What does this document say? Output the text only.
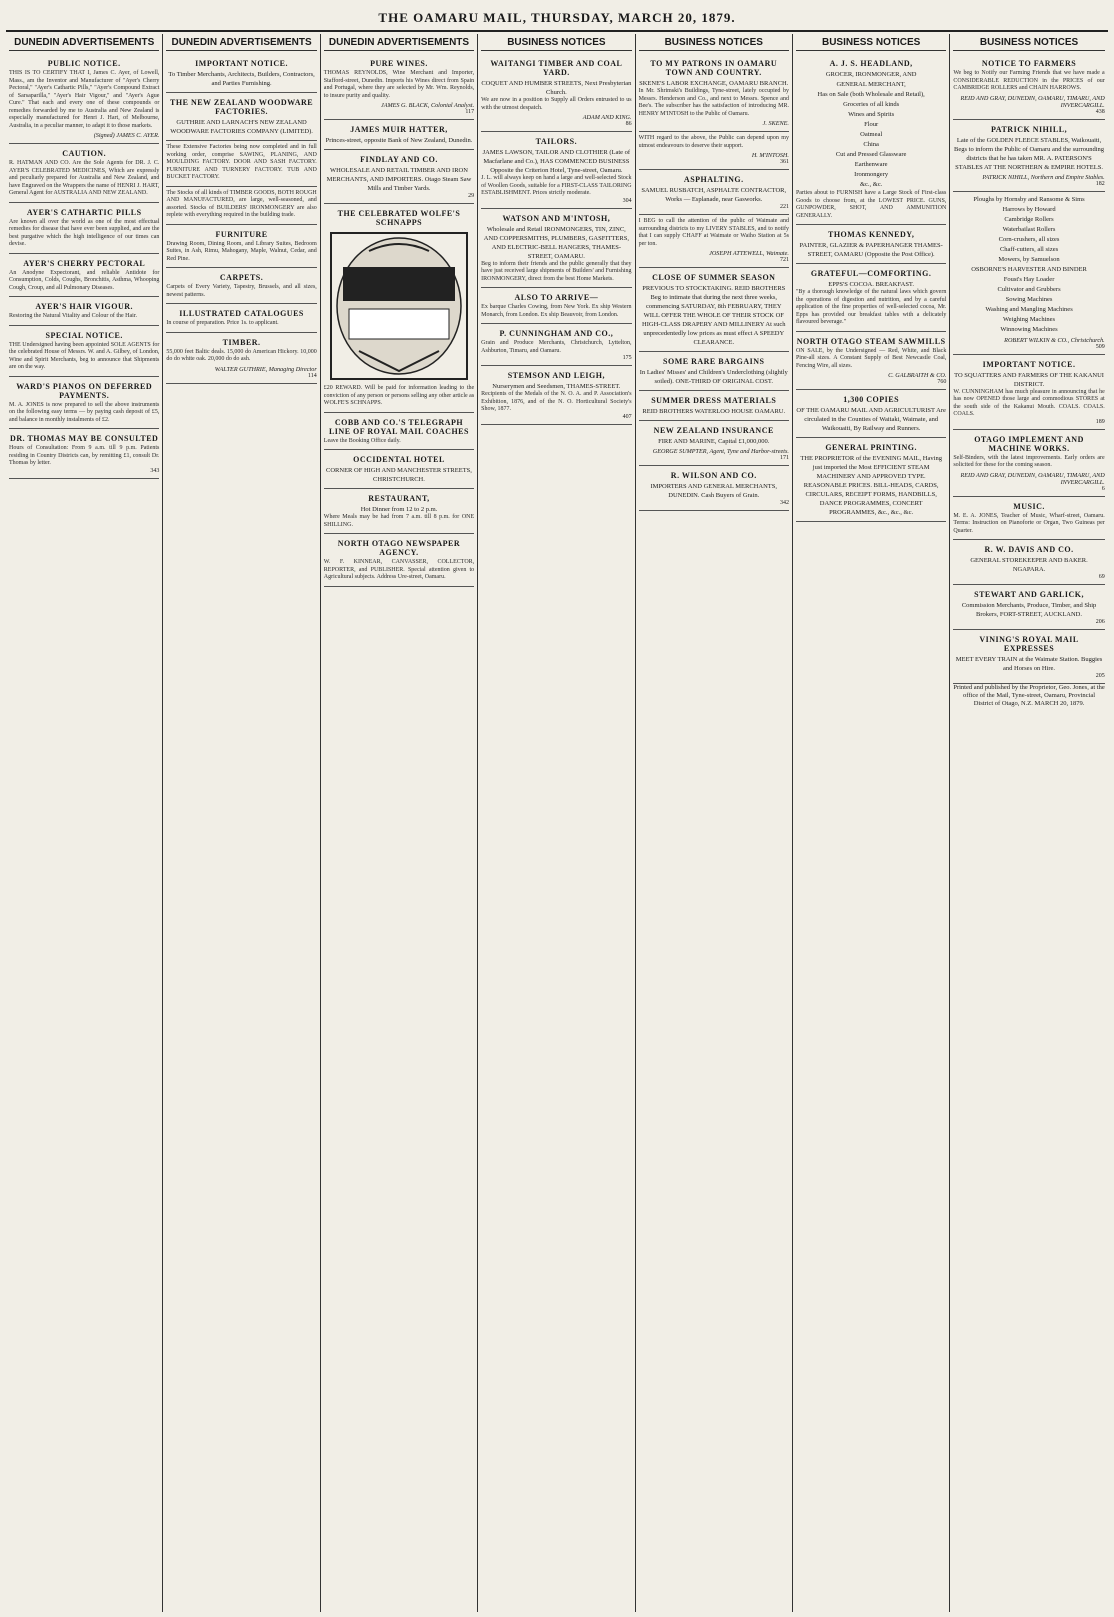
THE OAMARU MAIL, THURSDAY, MARCH 20, 1879.
DUNEDIN ADVERTISEMENTS
PUBLIC NOTICE.
THIS IS TO CERTIFY THAT I, James C. Ayer, of Lowell, Mass., am the Inventor and Manufacturer of "Ayer's Cherry Pectoral," "Ayer's Cathartic Pills," "Ayer's Compound Extract of Sarsaparilla," "Ayer's Hair Vigour," and "Ayer's Ague Cure." That each and every one of these compounds or remedies forwarded by me to Australia and New Zealand is especially manufactured for Henri J. Hart, of Melbourne, Australia, in a peculiar manner, to adapt it to those markets.
(Signed) JAMES C. AYER.
CAUTION.
R. HATMAN AND CO. Are the Sole Agents for DR. J. C. AYER'S CELEBRATED MEDICINES, Which are expressly and peculiarly prepared for Australia and New Zealand, and have Engraved on the Wrappers the name of HENRI J. HART, General Agent for AUSTRALIA AND NEW ZEALAND.
AYER'S CATHARTIC PILLS
Are known all over the world as one of the most effectual remedies for disease that have ever been supplied, and are the best purgative which the high intelligence of our times can devise.
AYER'S CHERRY PECTORAL
An Anodyne Expectorant, and reliable Antidote for Consumption, Colds, Coughs, Bronchitis, Asthma, Whooping Cough, Croup, and all Pulmonary Diseases.
AYER'S HAIR VIGOUR.
Restoring the Natural Vitality and Colour of the Hair.
SPECIAL NOTICE.
THE Undersigned having been appointed SOLE AGENTS for the celebrated House of Messrs. W. and A. Gilbey, of London, Wine and Spirit Merchants, beg to announce that Shipments are on the way.
WARD'S PIANOS ON DEFERRED PAYMENTS.
M. A. JONES is now prepared to sell the above instruments on the following easy terms — by paying cash deposit of £5, and balance in monthly instalments of £2.
DR. THOMAS MAY BE CONSULTED
Hours of Consultation: From 9 a.m. till 9 p.m. Patients residing in Country Districts can, by remitting £1, consult Dr. Thomas by letter.
343
DUNEDIN ADVERTISEMENTS
IMPORTANT NOTICE.
To Timber Merchants, Architects, Builders, Contractors, and Parties Furnishing.
THE NEW ZEALAND WOODWARE FACTORIES.
GUTHRIE AND LARNACH'S NEW ZEALAND WOODWARE FACTORIES COMPANY (LIMITED).
These Extensive Factories being now completed and in full working order, comprise SAWING, PLANING, AND MOULDING FACTORY. DOOR AND SASH FACTORY. FURNITURE AND TURNERY FACTORY. TUB AND BUCKET FACTORY.
The Stocks of all kinds of TIMBER GOODS, BOTH ROUGH AND MANUFACTURED, are large, well-seasoned, and assorted. Stocks of BUILDERS' IRONMONGERY are also replete with everything required in the building trade.
FURNITURE
Drawing Room, Dining Room, and Library Suites, Bedroom Suites, in Ash, Rimu, Mahogany, Maple, Walnut, Cedar, and Red Pine.
CARPETS.
Carpets of Every Variety, Tapestry, Brussels, and all sizes, newest patterns.
ILLUSTRATED CATALOGUES
In course of preparation. Price 1s. to applicant.
TIMBER.
55,000 feet Baltic deals. 15,000 do American Hickory. 10,000 do do white oak. 20,000 do do ash.
WALTER GUTHRIE, Managing Director
114
DUNEDIN ADVERTISEMENTS
PURE WINES.
THOMAS REYNOLDS, Wine Merchant and Importer, Stafford-street, Dunedin. Imports his Wines direct from Spain and Portugal, where they are selected by Mr. Wm. Reynolds, to insure purity and quality.
JAMES G. BLACK, Colonial Analyst.
117
JAMES MUIR HATTER,
Princes-street, opposite Bank of New Zealand, Dunedin.
FINDLAY AND CO.
WHOLESALE AND RETAIL TIMBER AND IRON MERCHANTS, AND IMPORTERS. Otago Steam Saw Mills and Timber Yards.
29
THE CELEBRATED WOLFE'S SCHNAPPS
£20 REWARD. Will be paid for information leading to the conviction of any person or persons selling any other article as WOLFE'S SCHNAPPS.
COBB AND CO.'S TELEGRAPH LINE OF ROYAL MAIL COACHES
Leave the Booking Office daily.
OCCIDENTAL HOTEL
CORNER OF HIGH AND MANCHESTER STREETS, CHRISTCHURCH.
RESTAURANT,
Hot Dinner from 12 to 2 p.m.
Where Meals may be had from 7 a.m. till 8 p.m. for ONE SHILLING.
NORTH OTAGO NEWSPAPER AGENCY.
W. F. KINNEAR, CANVASSER, COLLECTOR, REPORTER, and PUBLISHER. Special attention given to Agricultural subjects. Address Ure-street, Oamaru.
BUSINESS NOTICES
WAITANGI TIMBER AND COAL YARD.
COQUET AND HUMBER STREETS, Next Presbyterian Church.
We are now in a position to Supply all Orders entrusted to us with the utmost despatch.
ADAM AND KING.
86
TAILORS.
JAMES LAWSON, TAILOR AND CLOTHIER (Late of Macfarlane and Co.), HAS COMMENCED BUSINESS Opposite the Criterion Hotel, Tyne-street, Oamaru.
J. L. will always keep on hand a large and well-selected Stock of Woollen Goods, suitable for a FIRST-CLASS TAILORING ESTABLISHMENT. Prices strictly moderate.
304
WATSON AND M'INTOSH,
Wholesale and Retail IRONMONGERS, TIN, ZINC, AND COPPERSMITHS, PLUMBERS, GASFITTERS, AND ELECTRIC-BELL HANGERS, THAMES-STREET, OAMARU.
Beg to inform their friends and the public generally that they have just received large shipments of Builders' and Furnishing IRONMONGERY, direct from the best Home Markets.
ALSO TO ARRIVE—
Ex barque Charles Cowing, from New York. Ex ship Western Monarch, from London. Ex ship Beauvoir, from London.
P. CUNNINGHAM AND CO.,
Grain and Produce Merchants, Christchurch, Lyttelton, Ashburton, Timaru, and Oamaru.
175
STEMSON AND LEIGH,
Nurserymen and Seedsmen, THAMES-STREET.
Recipients of the Medals of the N. O. A. and P. Association's Exhibition, 1876, and of the N. O. Horticultural Society's Show, 1877.
407
BUSINESS NOTICES
TO MY PATRONS IN OAMARU TOWN AND COUNTRY.
SKENE'S LABOR EXCHANGE, OAMARU BRANCH.
In Mr. Shrimski's Buildings, Tyne-street, lately occupied by Messrs. Henderson and Co., and next to Messrs. Spence and Bee's. The subscriber has the satisfaction of introducing MR. HENRY M'INTOSH to the Public of Oamaru.
J. SKENE.
WITH regard to the above, the Public can depend upon my utmost endeavours to deserve their support.
H. M'INTOSH.
361
ASPHALTING.
SAMUEL RUSBATCH, ASPHALTE CONTRACTOR, Works — Esplanade, near Gasworks.
221
I BEG to call the attention of the public of Waimate and surrounding districts to my LIVERY STABLES, and to notify that I can supply CHAFF at Waimate or Waiho Station at 5s per ton.
JOSEPH ATTEWELL, Waimate.
721
CLOSE OF SUMMER SEASON
PREVIOUS TO STOCKTAKING. REID BROTHERS Beg to intimate that during the next three weeks, commencing SATURDAY, 8th FEBRUARY, THEY WILL OFFER THE WHOLE OF THEIR STOCK OF HIGH-CLASS DRAPERY AND MILLINERY At such unprecedentedly low prices as must effect A SPEEDY CLEARANCE.
SOME RARE BARGAINS
In Ladies' Misses' and Children's Underclothing (slightly soiled). ONE-THIRD OF ORIGINAL COST.
SUMMER DRESS MATERIALS
REID BROTHERS WATERLOO HOUSE OAMARU.
NEW ZEALAND INSURANCE
FIRE AND MARINE, Capital £1,000,000.
GEORGE SUMPTER, Agent, Tyne and Harbor-streets.
171
R. WILSON AND CO.
IMPORTERS AND GENERAL MERCHANTS, DUNEDIN. Cash Buyers of Grain.
342
BUSINESS NOTICES
A. J. S. HEADLAND,
GROCER, IRONMONGER, AND
GENERAL MERCHANT,
Has on Sale (both Wholesale and Retail),
Groceries of all kinds
Wines and Spirits
Flour
Oatmeal
China
Cut and Pressed Glassware
Earthenware
Ironmongery
&c., &c.
Parties about to FURNISH have a Large Stock of First-class Goods to choose from, at the LOWEST PRICE. GUNS, GUNPOWDER, SHOT, AND AMMUNITION GENERALLY.
THOMAS KENNEDY,
PAINTER, GLAZIER & PAPERHANGER THAMES-STREET, OAMARU (Opposite the Post Office).
GRATEFUL—COMFORTING.
EPPS'S COCOA. BREAKFAST.
"By a thorough knowledge of the natural laws which govern the operations of digestion and nutrition, and by a careful application of the fine properties of well-selected cocoa, Mr. Epps has provided our breakfast tables with a delicately flavoured beverage."
NORTH OTAGO STEAM SAWMILLS
ON SALE, by the Undersigned — Red, White, and Black Pine-all sizes. A Constant Supply of Best Newcastle Coal, Fencing Wire, all sizes.
C. GALBRAITH & CO.
760
1,300 COPIES
OF THE OAMARU MAIL AND AGRICULTURIST Are circulated in the Counties of Waitaki, Waimate, and Waikouaiti, By Railway and Runners.
GENERAL PRINTING.
THE PROPRIETOR of the EVENING MAIL, Having just imported the Most EFFICIENT STEAM MACHINERY AND APPROVED TYPE. REASONABLE PRICES. BILL-HEADS, CARDS, CIRCULARS, RECEIPT FORMS, HANDBILLS, DANCE PROGRAMMES, CONCERT PROGRAMMES, &c., &c., &c.
BUSINESS NOTICES
NOTICE TO FARMERS
We beg to Notify our Farming Friends that we have made a CONSIDERABLE REDUCTION in the PRICES of our CAMBRIDGE ROLLERS and CHAIN HARROWS.
REID AND GRAY, DUNEDIN, OAMARU, TIMARU, AND INVERCARGILL.
438
PATRICK NIHILL,
Late of the GOLDEN FLEECE STABLES, Waikouaiti, Begs to inform the Public of Oamaru and the surrounding districts that he has taken MR. A. PATERSON'S STABLES AT THE NORTHERN & EMPIRE HOTELS.
PATRICK NIHILL, Northern and Empire Stables.
182
Ploughs by Hornsby and Ransome & Sims
Harrows by Howard
Cambridge Rollers
Waterbailast Rollers
Corn-crushers, all sizes
Chaff-cutters, all sizes
Mowers, by Samuelson
OSBORNE'S HARVESTER AND BINDER
Foust's Hay Loader
Cultivator and Grubbers
Sowing Machines
Washing and Mangling Machines
Weighing Machines
Winnowing Machines
ROBERT WILKIN & CO., Christchurch.
509
IMPORTANT NOTICE.
TO SQUATTERS AND FARMERS OF THE KAKANUI DISTRICT.
W. CUNNINGHAM has much pleasure in announcing that he has now OPENED those large and commodious STORES at the south side of the Kakanui Mouth. COALS. COALS. COALS.
189
OTAGO IMPLEMENT AND MACHINE WORKS.
Self-Binders, with the latest improvements. Early orders are solicited for these for the coming season.
REID AND GRAY, DUNEDIN, OAMARU, TIMARU, AND INVERCARGILL.
6
MUSIC.
M. E. A. JONES, Teacher of Music, Wharf-street, Oamaru. Terms: Instruction on Pianoforte or Organ, Two Guineas per Quarter.
R. W. DAVIS AND CO.
GENERAL STOREKEEPER AND BAKER. NGAPARA.
69
STEWART AND GARLICK,
Commission Merchants, Produce, Timber, and Ship Brokers, FORT-STREET, AUCKLAND.
206
VINING'S ROYAL MAIL EXPRESSES
MEET EVERY TRAIN at the Waimate Station. Buggies and Horses on Hire.
205
Printed and published by the Proprietor, Geo. Jones, at the office of the Mail, Tyne-street, Oamaru, Provincial District of Otago, N.Z. MARCH 20, 1879.
